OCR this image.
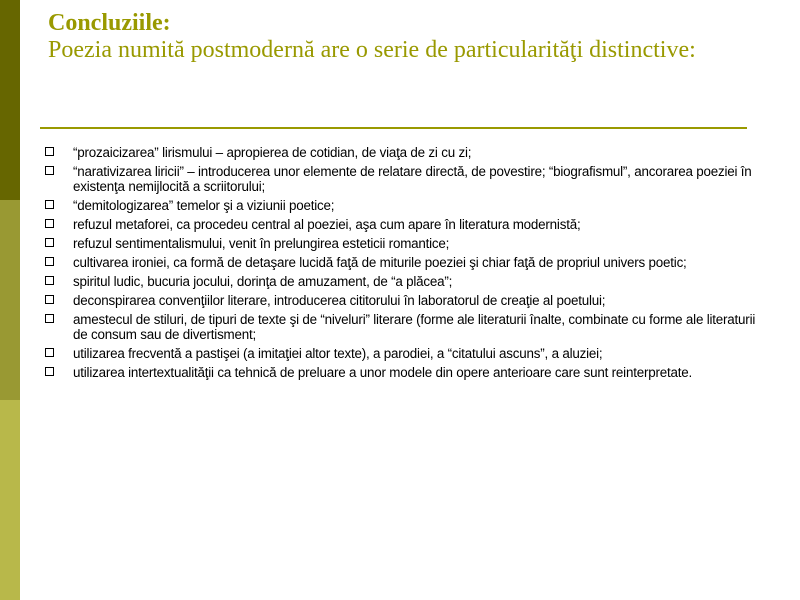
Concluziile:
Poezia numită postmodernă are o serie de particularităţi distinctive:
“prozaicizarea” lirismului – apropierea de cotidian, de viaţa de zi cu zi;
“narativizarea liricii” – introducerea unor elemente de relatare directă, de povestire; “biografismul”, ancorarea poeziei în existenţa nemijlocită a scriitorului;
“demitologizarea” temelor şi a viziunii poetice;
refuzul metaforei, ca procedeu central al poeziei, aşa cum apare în literatura modernistă;
refuzul sentimentalismului, venit în prelungirea esteticii romantice;
cultivarea ironiei, ca formă de detaşare lucidă faţă de miturile poeziei şi chiar faţă de propriul univers poetic;
spiritul ludic, bucuria jocului, dorinţa de amuzament, de “a plăcea”;
deconspirarea convenţiilor literare, introducerea cititorului în laboratorul de creaţie al poetului;
amestecul de stiluri, de tipuri de texte şi de “niveluri” literare (forme ale literaturii înalte, combinate cu forme ale literaturii de consum sau de divertisment;
utilizarea frecventă a pastişei (a imitaţiei altor texte), a parodiei, a “citatului ascuns”, a aluziei;
utilizarea intertextualităţii ca tehnică de preluare a unor modele din opere anterioare care sunt reinterpretate.
